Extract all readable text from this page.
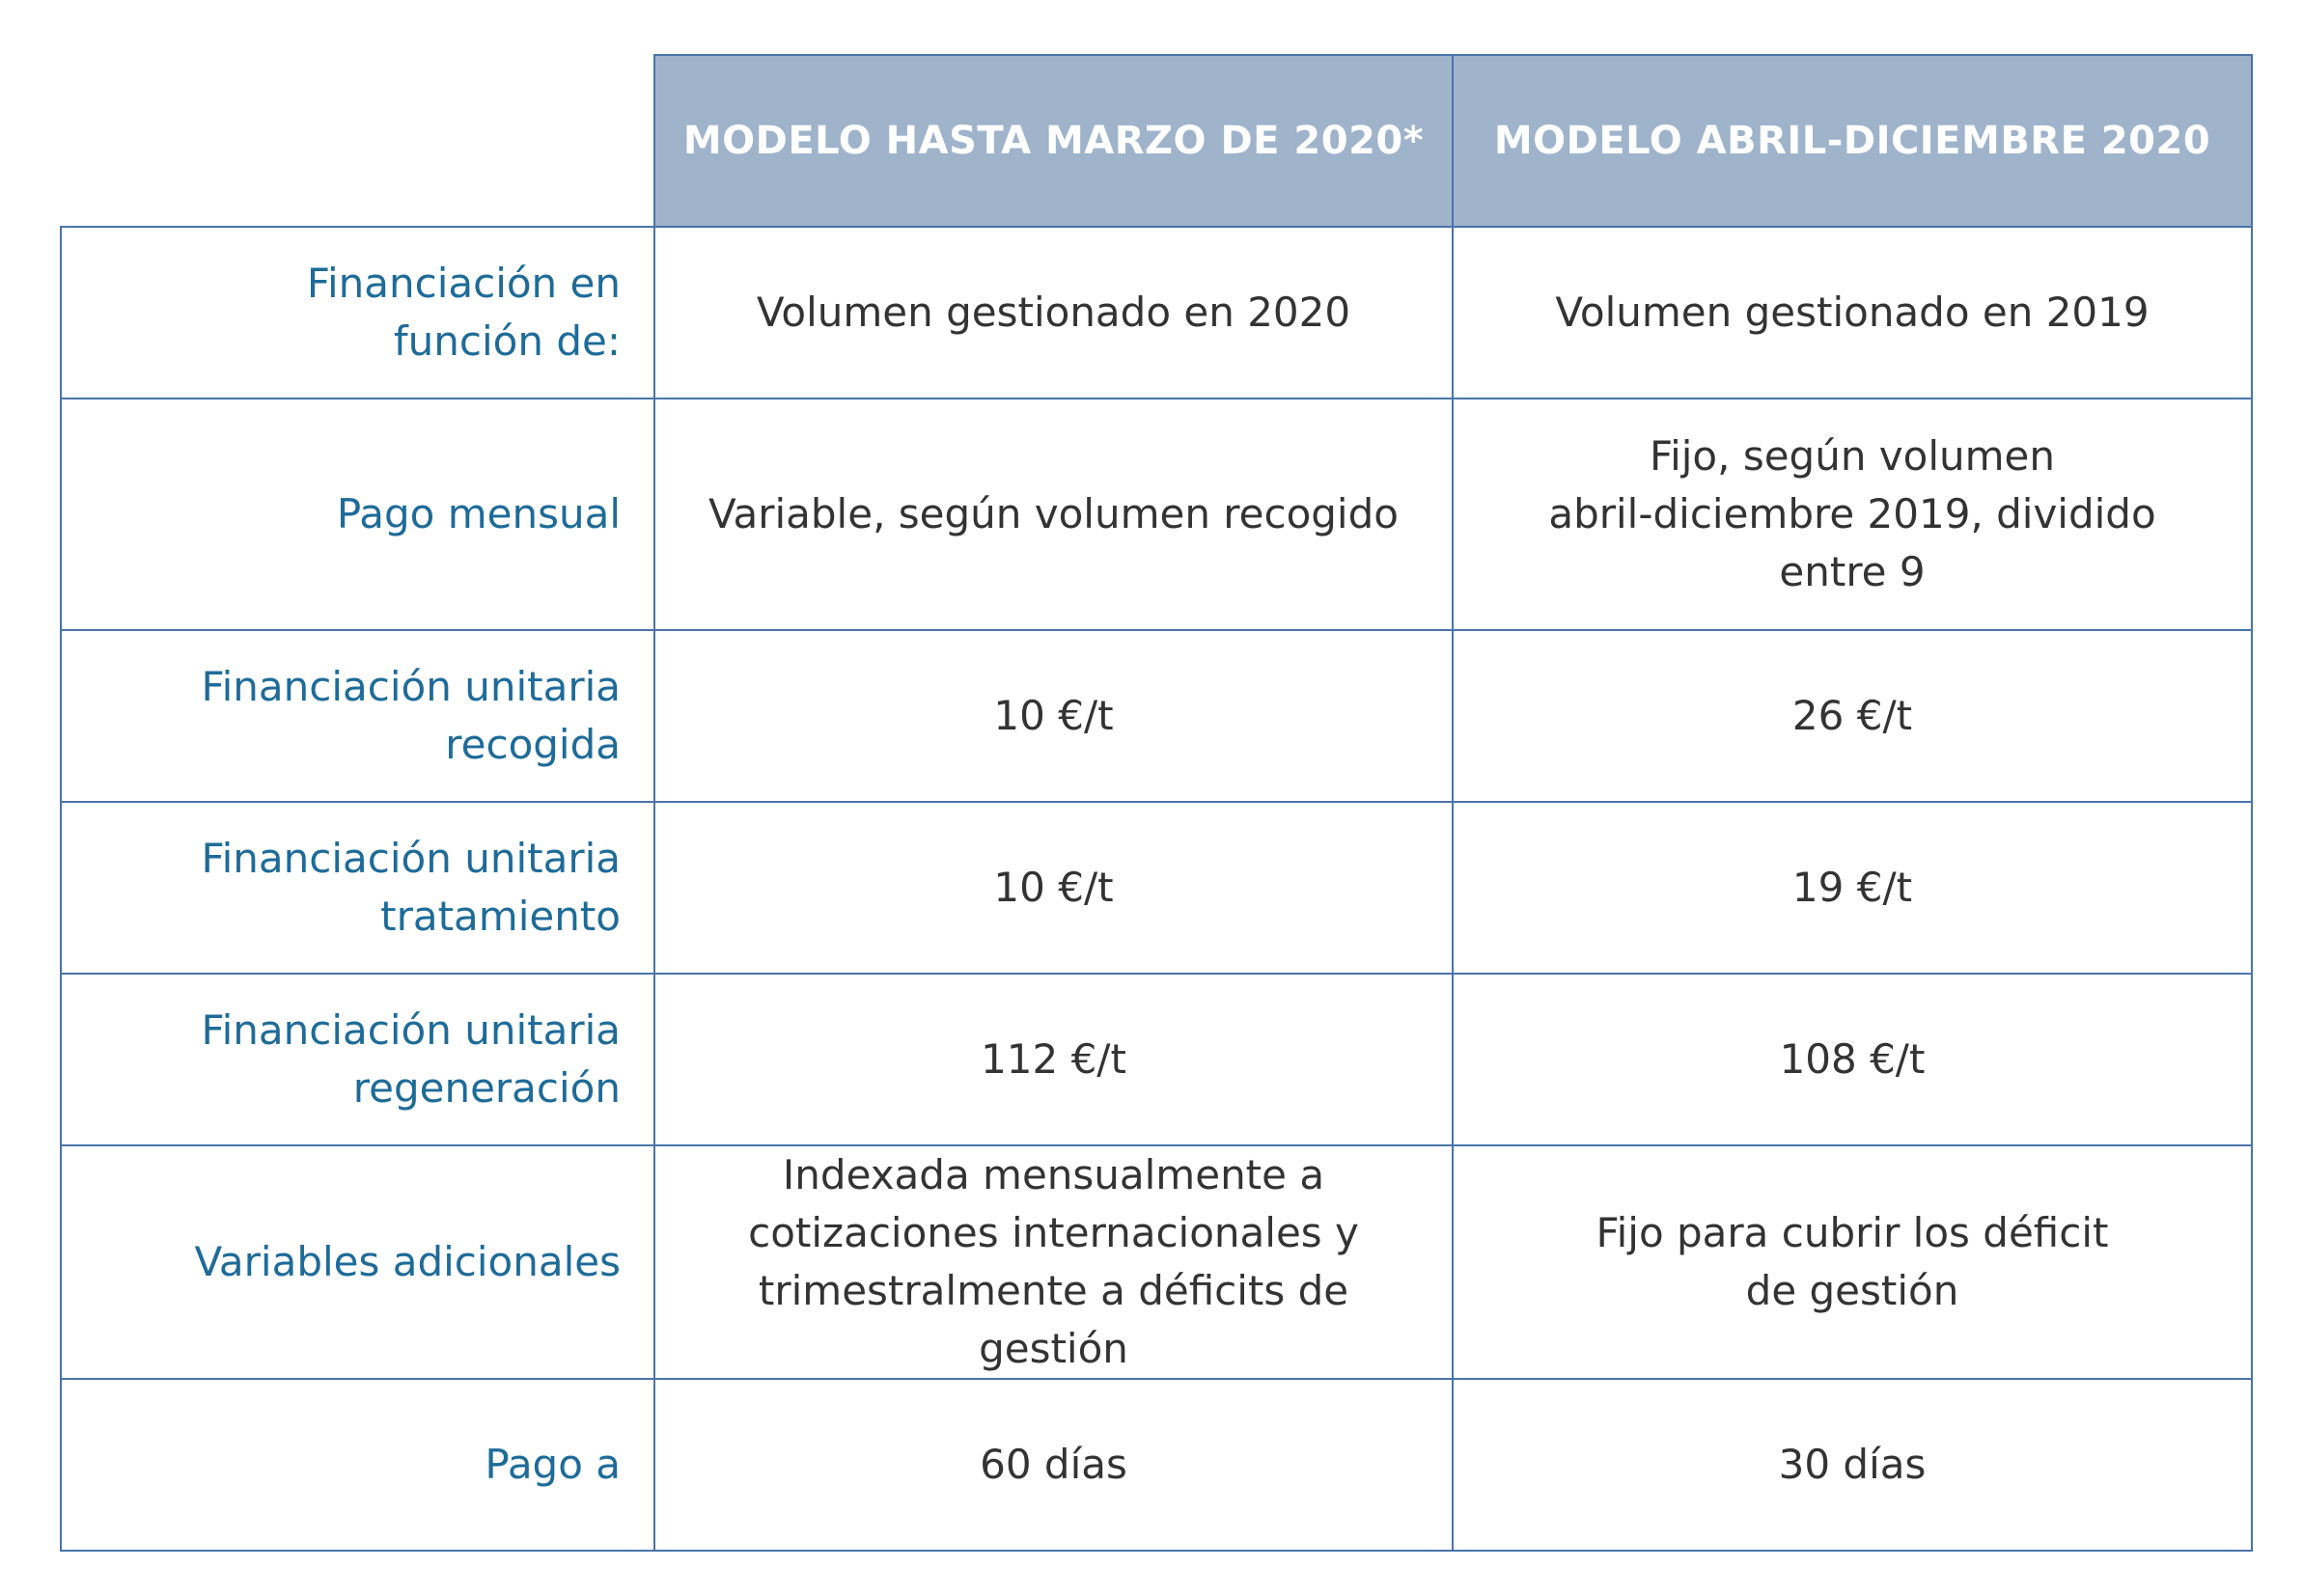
	MODELO HASTA MARZO DE 2020*	MODELO ABRIL-DICIEMBRE 2020

Financiación en
función de:	Volumen gestionado en 2020	Volumen gestionado en 2019

Pago mensual	Variable, según volumen recogido	Fijo, según volumen
abril-diciembre 2019, dividido
entre 9

Financiación unitaria
recogida	10 €/t	26 €/t

Financiación unitaria
tratamiento	10 €/t	19 €/t

Financiación unitaria
regeneración	112 €/t	108 €/t

Variables adicionales	Indexada mensualmente a
cotizaciones internacionales y
trimestralmente a déficits de gestión	Fijo para cubrir los déficit
de gestión

Pago a	60 días	30 días
